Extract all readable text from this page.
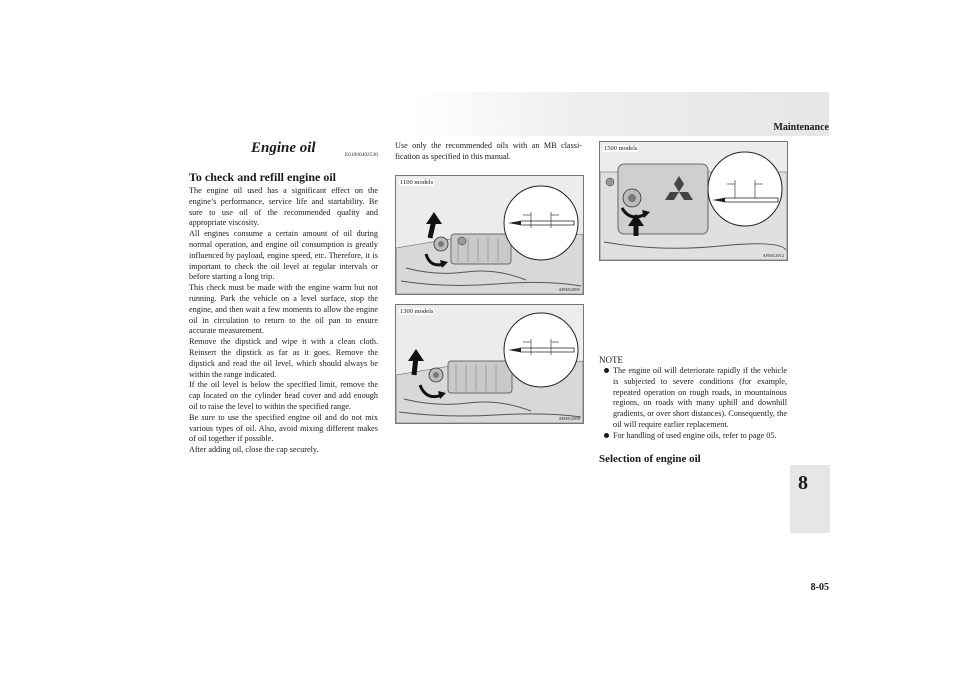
Maintenance
8
8-05
Engine oil	E01000402530
To check and refill engine oil

The engine oil used has a significant effect on the engine’s performance, service life and startability. Be sure to use oil of the recommended quality and appropriate viscosity.

All engines consume a certain amount of oil during normal operation, and engine oil consumption is greatly influenced by payload, engine speed, etc. Therefore, it is important to check the oil level at regular intervals or before starting a long trip.

This check must be made with the engine warm but not running. Park the vehicle on a level surface, stop the engine, and then wait a few moments to allow the engine oil in circulation to return to the oil pan to ensure accurate measurement.

Remove the dipstick and wipe it with a clean cloth. Reinsert the dipstick as far as it goes. Remove the dipstick and read the oil level, which should always be within the range indicated.

If the oil level is below the specified limit, remove the cap located on the cylinder head cover and add enough oil to raise the level to within the specified range.

Be sure to use the specified engine oil and do not mix various types of oil. Also, avoid mixing different makes of oil together if possible.

After adding oil, close the cap securely.

Use only the recommended oils with an MB classification as specified in this manual.

1100 models
AF0012895
1300 models
AF0012909
1500 models
AF0012912
NOTE

The engine oil will deteriorate rapidly if the vehicle is subjected to severe conditions (for example, repeated operation on rough roads, in mountainous regions, on roads with many uphill and downhill gradients, or over short distances). Consequently, the oil will require earlier replacement.

For handling of used engine oils, refer to page 05.

Selection of engine oil
